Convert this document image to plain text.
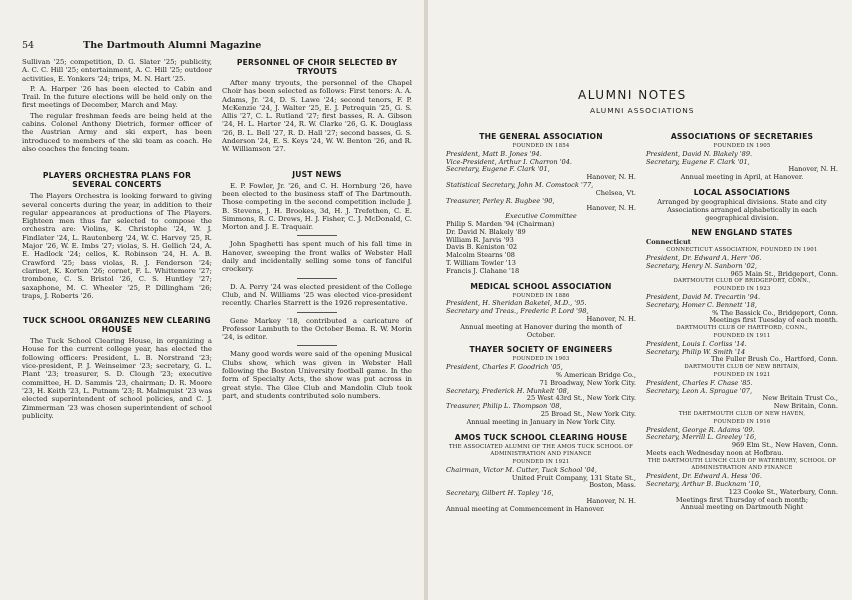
54	The Dartmouth Alumni Magazine

Sullivan '25; competition, D. G. Slater '25; publicity, A. C. C. Hill '25; entertainment, A. C. Hill '25; outdoor activities, E. Yonkers '24; trips, M. N. Hart '25.

P. A. Harper '26 has been elected to Cabin and Trail. In the future elections will be held only on the first meetings of December, March and May.

The regular freshman feeds are being held at the cabins. Colonel Anthony Dietrich, former officer of the Austrian Army and ski expert, has been introduced to members of the ski team as coach. He also coaches the fencing team.

PLAYERS ORCHESTRA PLANS FOR SEVERAL CONCERTS

The Players Orchestra is looking forward to giving several concerts during the year, in addition to their regular appearances at productions of The Players. Eighteen men thus far selected to compose the orchestra are: Violins, K. Christophe '24, W. J. Findlater '24, L. Rautenberg '24, W. C. Harvey '25, R. Major '26, W. E. Imbs '27; violas, S. H. Gellich '24, A. E. Hadlock '24; cellos, K. Robinson '24, H. A. B. Crawford '25; bass violas, R. J. Fenderson '24; clarinet, K. Korten '26; cornet, F. L. Whittemore '27; trombone, C. S. Bristol '26, C. S. Huntley '27; saxaphone, M. C. Wheeler '25, P. Dillingham '26; traps, J. Roberts '26.

TUCK SCHOOL ORGANIZES NEW CLEARING HOUSE

The Tuck School Clearing House, in organizing a House for the current college year, has elected the following officers: President, L. B. Norstrand '23; vice-president, P. J. Weinseimer '23; secretary, G. L. Plant '23; treasurer, S. D. Clough '23; executive committee, H. D. Sammis '23, chairman; D. R. Moore '23, H. Keith '23, L. Putnam '23; R. Malmquist '23 was elected superintendent of school policies, and C. J. Zimmerman '23 was chosen superintendent of school publicity.

PERSONNEL OF CHOIR SELECTED BY TRYOUTS

After many tryouts, the personnel of the Chapel Choir has been selected as follows: First tenors: A. A. Adams, Jr. '24, D. S. Lawe '24; second tenors, F. P. McKenzie '24, J. Walter '25, E. J. Petrequin '25, G. S. Allis '27, C. L. Rutland '27; first basses, R. A. Gibson '24, H. L. Harter '24, R. W. Clarke '26, G. K. Douglass '26, B. L. Bell '27, R. D. Hall '27; second basses, G. S. Anderson '24, E. S. Keys '24, W. W. Benton '26, and R. W. Williamson '27.

JUST NEWS

E. P. Fowler, Jr. '26, and C. H. Hornburg '26, have been elected to the business staff of The Dartmouth. Those competing in the second competition include J. B. Stevens, J. H. Brookes, 3d, H. J. Trefethen, C. E. Simmons, R. C. Drews, H. J. Fisher, C. J. McDonald, C. Morton and J. E. Traquair.

John Spaghetti has spent much of his fall time in Hanover, sweeping the front walks of Webster Hall daily and incidentally selling some tons of fanciful crockery.

D. A. Perry '24 was elected president of the College Club, and N. Williams '25 was elected vice-president recently. Charles Starrett is the 1926 representative.

Gene Markey '18, contributed a caricature of Professor Lambuth to the October Bema. R. W. Morin '24, is editor.

Many good words were said of the opening Musical Clubs show, which was given in Webster Hall following the Boston University football game. In the form of Specialty Acts, the show was put across in great style. The Glee Club and Mandolin Club took part, and students contributed solo numbers.

ALUMNI NOTES
ALUMNI ASSOCIATIONS
THE GENERAL ASSOCIATION
FOUNDED IN 1854
President, Matt B. Jones '94.
Vice-President, Arthur I. Charron '04.
Secretary, Eugene F. Clark '01,
Hanover, N. H.
Statistical Secretary, John M. Comstock '77,
Chelsea, Vt.
Treasurer, Perley R. Bugbee '90,
Hanover, N. H.
Executive Committee
Philip S. Marden '94 (Chairman)
Dr. David N. Blakely '89
William R. Jarvis '93
Davis B. Keniston '02
Malcolm Stearns '08
T. William Towler '13
Francis J. Clahane '18
MEDICAL SCHOOL ASSOCIATION
FOUNDED IN 1886
President, H. Sheridan Baketel, M.D., '95.
Secretary and Treas., Frederic P. Lord '98,
Hanover, N. H.
Annual meeting at Hanover during the month of October.
THAYER SOCIETY OF ENGINEERS
FOUNDED IN 1903
President, Charles F. Goodrich '05,
% American Bridge Co.,
71 Broadway, New York City.
Secretary, Frederick H. Munkelt '08,
25 West 43rd St., New York City.
Treasurer, Philip L. Thompson '08,
25 Broad St., New York City.
Annual meeting in January in New York City.
AMOS TUCK SCHOOL CLEARING HOUSE
THE ASSOCIATED ALUMNI OF THE AMOS TUCK SCHOOL OF ADMINISTRATION AND FINANCE
FOUNDED IN 1921
Chairman, Victor M. Cutter, Tuck School '04,
United Fruit Company, 131 State St.,
Boston, Mass.
Secretary, Gilbert H. Tapley '16,
Hanover, N. H.
Annual meeting at Commencement in Hanover.
ASSOCIATIONS OF SECRETARIES
FOUNDED IN 1905
President, David N. Blakely '89.
Secretary, Eugene F. Clark '01,
Hanover, N. H.
Annual meeting in April, at Hanover.
LOCAL ASSOCIATIONS
Arranged by geographical divisions. State and city Associations arranged alphabetically in each geographical division.
NEW ENGLAND STATES
Connecticut
CONNECTICUT ASSOCIATION, FOUNDED IN 1901
President, Dr. Edward A. Herr '06.
Secretary, Henry N. Sanborn '02,
965 Main St., Bridgeport, Conn.
DARTMOUTH CLUB OF BRIDGEPORT, CONN.,
FOUNDED IN 1923
President, David M. Trecartin '94.
Secretary, Homer C. Bennett '18,
% The Bassick Co., Bridgeport, Conn.
Meetings first Tuesday of each month.
DARTMOUTH CLUB OF HARTFORD, CONN.,
FOUNDED IN 1911
President, Louis I. Corliss '14.
Secretary, Philip W. Smith '14
The Fuller Brush Co., Hartford, Conn.
DARTMOUTH CLUB OF NEW BRITAIN,
FOUNDED IN 1921
President, Charles F. Chase '85.
Secretary, Leon A. Sprague '07,
New Britain Trust Co.,
New Britain, Conn.
THE DARTMOUTH CLUB OF NEW HAVEN,
FOUNDED IN 1916
President, George R. Adams '09.
Secretary, Merrill L. Greeley '16,
969 Elm St., New Haven, Conn.
Meets each Wednesday noon at Hofbrau.
THE DARTMOUTH LUNCH CLUB OF WATERBURY, SCHOOL OF ADMINISTRATION AND FINANCE
President, Dr. Edward A. Hess '06.
Secretary, Arthur B. Bucknam '10,
123 Cooke St., Waterbury, Conn.
Meetings first Thursday of each month;
Annual meeting on Dartmouth Night
